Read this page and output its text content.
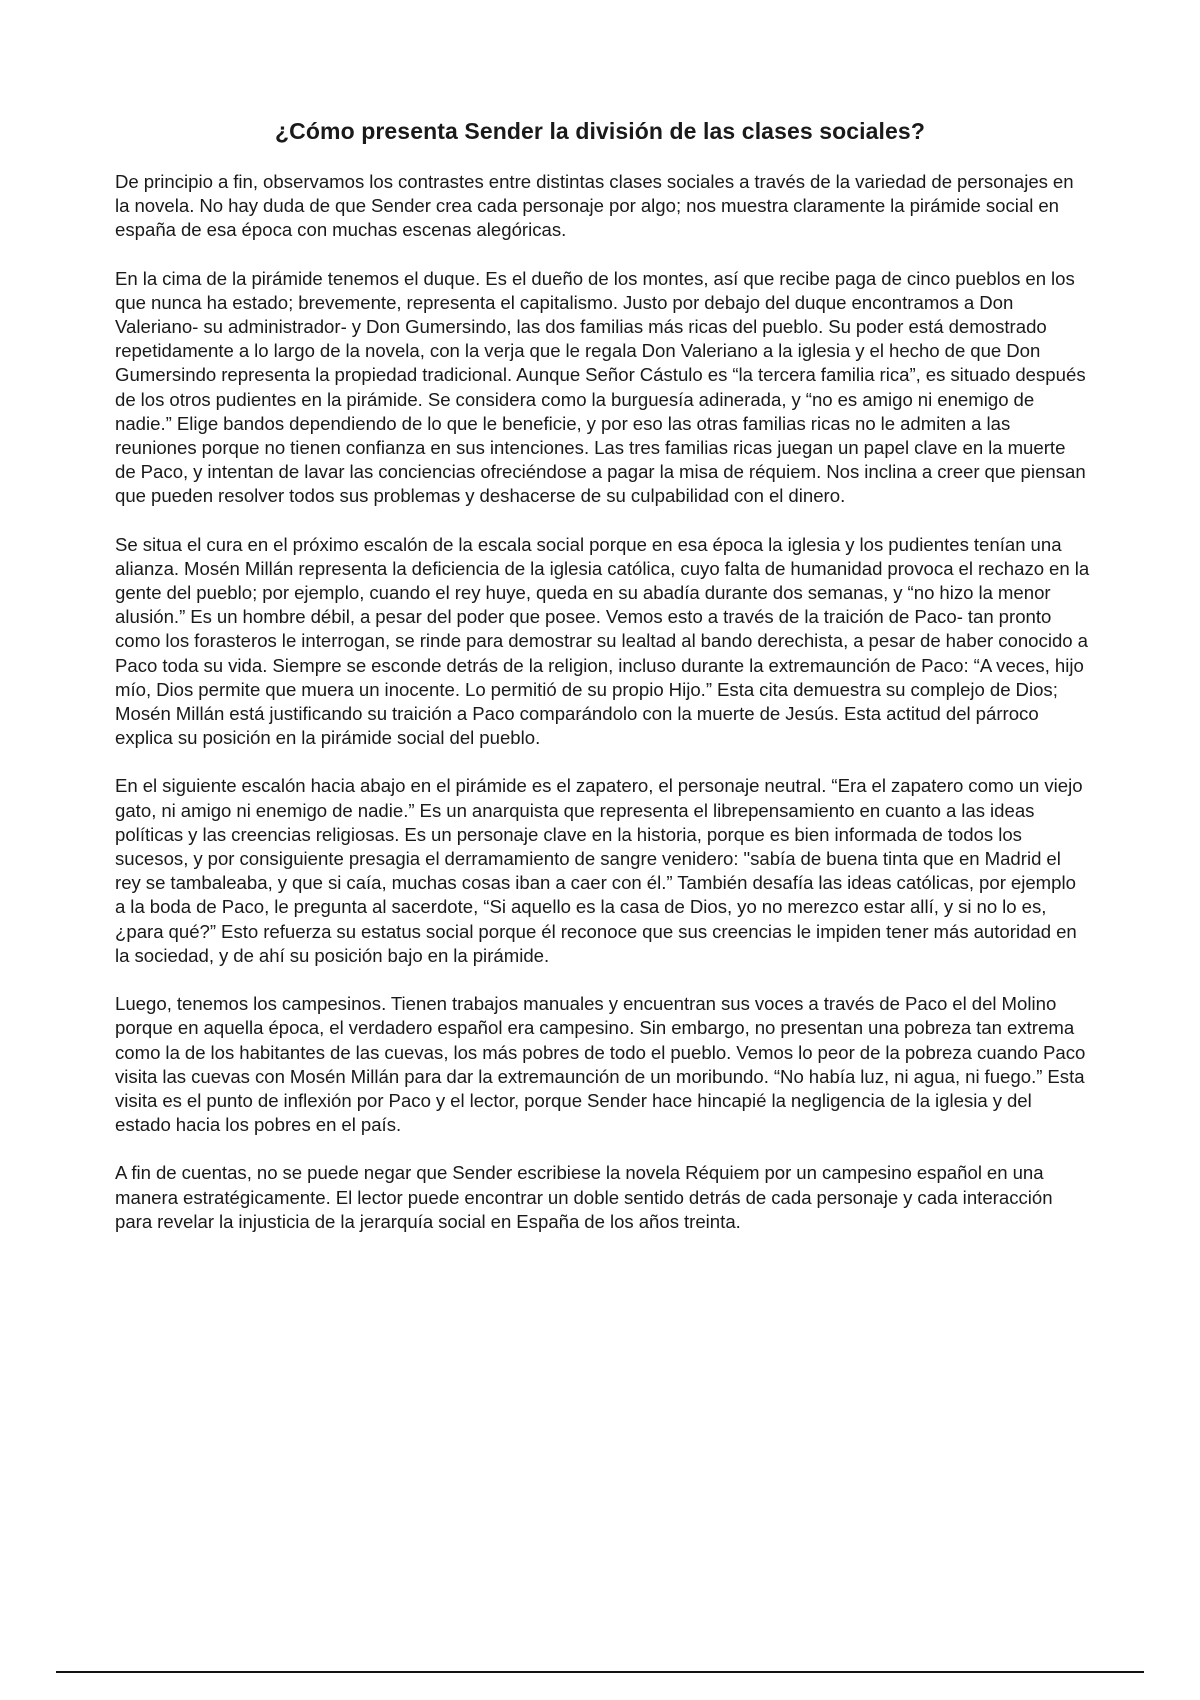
¿Cómo presenta Sender la división de las clases sociales?

De principio a fin, observamos los contrastes entre distintas clases sociales a través de la variedad de personajes en la novela. No hay duda de que Sender crea cada personaje por algo; nos muestra claramente la pirámide social en españa de esa época con muchas escenas alegóricas.

En la cima de la pirámide tenemos el duque. Es el dueño de los montes, así que recibe paga de cinco pueblos en los que nunca ha estado; brevemente, representa el capitalismo. Justo por debajo del duque encontramos a Don Valeriano- su administrador- y Don Gumersindo, las dos familias más ricas del pueblo. Su poder está demostrado repetidamente a lo largo de la novela, con la verja que le regala Don Valeriano a la iglesia y el hecho de que Don Gumersindo representa la propiedad tradicional. Aunque Señor Cástulo es “la tercera familia rica”, es situado después de los otros pudientes en la pirámide. Se considera como la burguesía adinerada, y “no es amigo ni enemigo de nadie.” Elige bandos dependiendo de lo que le beneficie, y por eso las otras familias ricas no le admiten a las reuniones porque no tienen confianza en sus intenciones. Las tres familias ricas juegan un papel clave en la muerte de Paco, y intentan de lavar las conciencias ofreciéndose a pagar la misa de réquiem. Nos inclina a creer que piensan que pueden resolver todos sus problemas y deshacerse de su culpabilidad con el dinero.

Se situa el cura en el próximo escalón de la escala social porque en esa época la iglesia y los pudientes tenían una alianza. Mosén Millán representa la deficiencia de la iglesia católica, cuyo falta de humanidad provoca el rechazo en la gente del pueblo; por ejemplo, cuando el rey huye, queda en su abadía durante dos semanas, y “no hizo la menor alusión.” Es un hombre débil, a pesar del poder que posee. Vemos esto a través de la traición de Paco- tan pronto como los forasteros le interrogan, se rinde para demostrar su lealtad al bando derechista, a pesar de haber conocido a Paco toda su vida. Siempre se esconde detrás de la religion, incluso durante la extremaunción de Paco: “A veces, hijo mío, Dios permite que muera un inocente. Lo permitió de su propio Hijo.” Esta cita demuestra su complejo de Dios; Mosén Millán está justificando su traición a Paco comparándolo con la muerte de Jesús. Esta actitud del párroco explica su posición en la pirámide social del pueblo.

En el siguiente escalón hacia abajo en el pirámide es el zapatero, el personaje neutral. “Era el zapatero como un viejo gato, ni amigo ni enemigo de nadie.” Es un anarquista que representa el librepensamiento en cuanto a las ideas políticas y las creencias religiosas. Es un personaje clave en la historia, porque es bien informada de todos los sucesos, y por consiguiente presagia el derramamiento de sangre venidero: "sabía de buena tinta que en Madrid el rey se tambaleaba, y que si caía, muchas cosas iban a caer con él.” También desafía las ideas católicas, por ejemplo a la boda de Paco, le pregunta al sacerdote, “Si aquello es la casa de Dios, yo no merezco estar allí, y si no lo es, ¿para qué?” Esto refuerza su estatus social porque él reconoce que sus creencias le impiden tener más autoridad en la sociedad, y de ahí su posición bajo en la pirámide.

Luego, tenemos los campesinos. Tienen trabajos manuales y encuentran sus voces a través de Paco el del Molino porque en aquella época, el verdadero español era campesino. Sin embargo, no presentan una pobreza tan extrema como la de los habitantes de las cuevas, los más pobres de todo el pueblo. Vemos lo peor de la pobreza cuando Paco visita las cuevas con Mosén Millán para dar la extremaunción de un moribundo. “No había luz, ni agua, ni fuego.” Esta visita es el punto de inflexión por Paco y el lector, porque Sender hace hincapié la negligencia de la iglesia y del estado hacia los pobres en el país.

A fin de cuentas, no se puede negar que Sender escribiese la novela Réquiem por un campesino español en una manera estratégicamente. El lector puede encontrar un doble sentido detrás de cada personaje y cada interacción para revelar la injusticia de la jerarquía social en España de los años treinta.
